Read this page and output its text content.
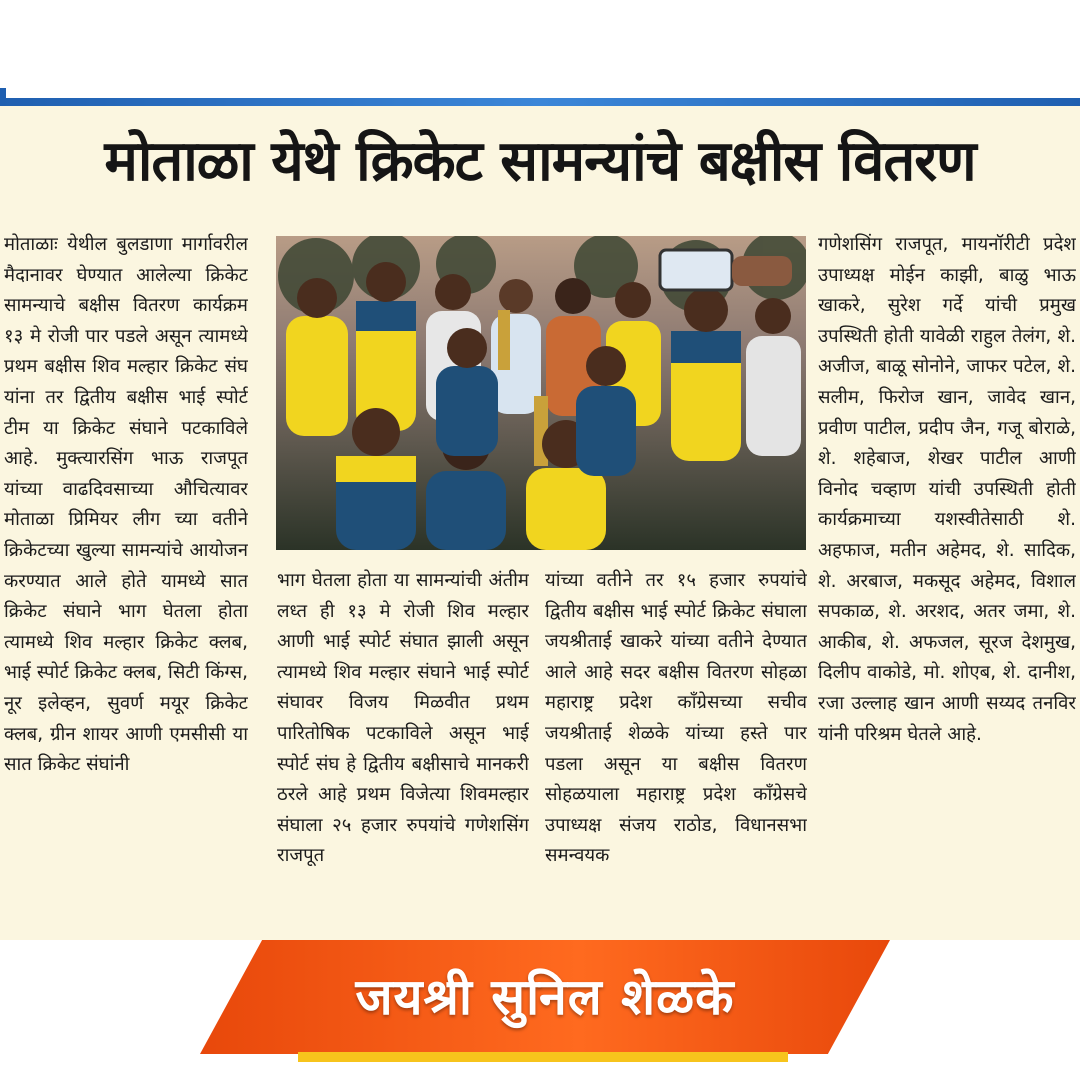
मोताळा येथे क्रिकेट सामन्यांचे बक्षीस वितरण

मोताळाः येथील बुलडाणा मार्गावरील मैदानावर घेण्यात आलेल्या क्रिकेट सामन्याचे बक्षीस वितरण कार्यक्रम १३ मे रोजी पार पडले असून त्यामध्ये प्रथम बक्षीस शिव मल्हार क्रिकेट संघ यांना तर द्वितीय बक्षीस भाई स्पोर्ट टीम या क्रिकेट संघाने पटकाविले आहे. मुक्त्यारसिंग भाऊ राजपूत यांच्या वाढदिवसाच्या औचित्यावर मोताळा प्रिमियर लीग च्या वतीने क्रिकेटच्या खुल्या सामन्यांचे आयोजन करण्यात आले होते यामध्ये सात क्रिकेट संघाने भाग घेतला होता त्यामध्ये शिव मल्हार क्रिकेट क्लब, भाई स्पोर्ट क्रिकेट क्लब, सिटी किंग्स, नूर इलेव्हन, सुवर्ण मयूर क्रिकेट क्लब, ग्रीन शायर आणी एमसीसी या सात क्रिकेट संघांनी

भाग घेतला होता या सामन्यांची अंतीम लध्त ही १३ मे रोजी शिव मल्हार आणी भाई स्पोर्ट संघात झाली असून त्यामध्ये शिव मल्हार संघाने भाई स्पोर्ट संघावर विजय मिळवीत प्रथम पारितोषिक पटकाविले असून भाई स्पोर्ट संघ हे द्वितीय बक्षीसाचे मानकरी ठरले आहे प्रथम विजेत्या शिवमल्हार संघाला २५ हजार रुपयांचे गणेशसिंग राजपूत

यांच्या वतीने तर १५ हजार रुपयांचे द्वितीय बक्षीस भाई स्पोर्ट क्रिकेट संघाला जयश्रीताई खाकरे यांच्या वतीने देण्यात आले आहे सदर बक्षीस वितरण सोहळा महाराष्ट्र प्रदेश काँग्रेसच्या सचीव जयश्रीताई शेळके यांच्या हस्ते पार पडला असून या बक्षीस वितरण सोहळयाला महाराष्ट्र प्रदेश काँग्रेसचे उपाध्यक्ष संजय राठोड, विधानसभा समन्वयक

गणेशसिंग राजपूत, मायनॉरीटी प्रदेश उपाध्यक्ष मोईन काझी, बाळु भाऊ खाकरे, सुरेश गर्दे यांची प्रमुख उपस्थिती होती यावेळी राहुल तेलंग, शे. अजीज, बाळू सोनोने, जाफर पटेल, शे. सलीम, फिरोज खान, जावेद खान, प्रवीण पाटील, प्रदीप जैन, गजू बोराळे, शे. शहेबाज, शेखर पाटील आणी विनोद चव्हाण यांची उपस्थिती होती कार्यक्रमाच्या यशस्वीतेसाठी शे. अहफाज, मतीन अहेमद, शे. सादिक, शे. अरबाज, मकसूद अहेमद, विशाल सपकाळ, शे. अरशद, अतर जमा, शे. आकीब, शे. अफजल, सूरज देशमुख, दिलीप वाकोडे, मो. शोएब, शे. दानीश, रजा उल्लाह खान आणी सय्यद तनविर यांनी परिश्रम घेतले आहे.

जयश्री सुनिल शेळके
